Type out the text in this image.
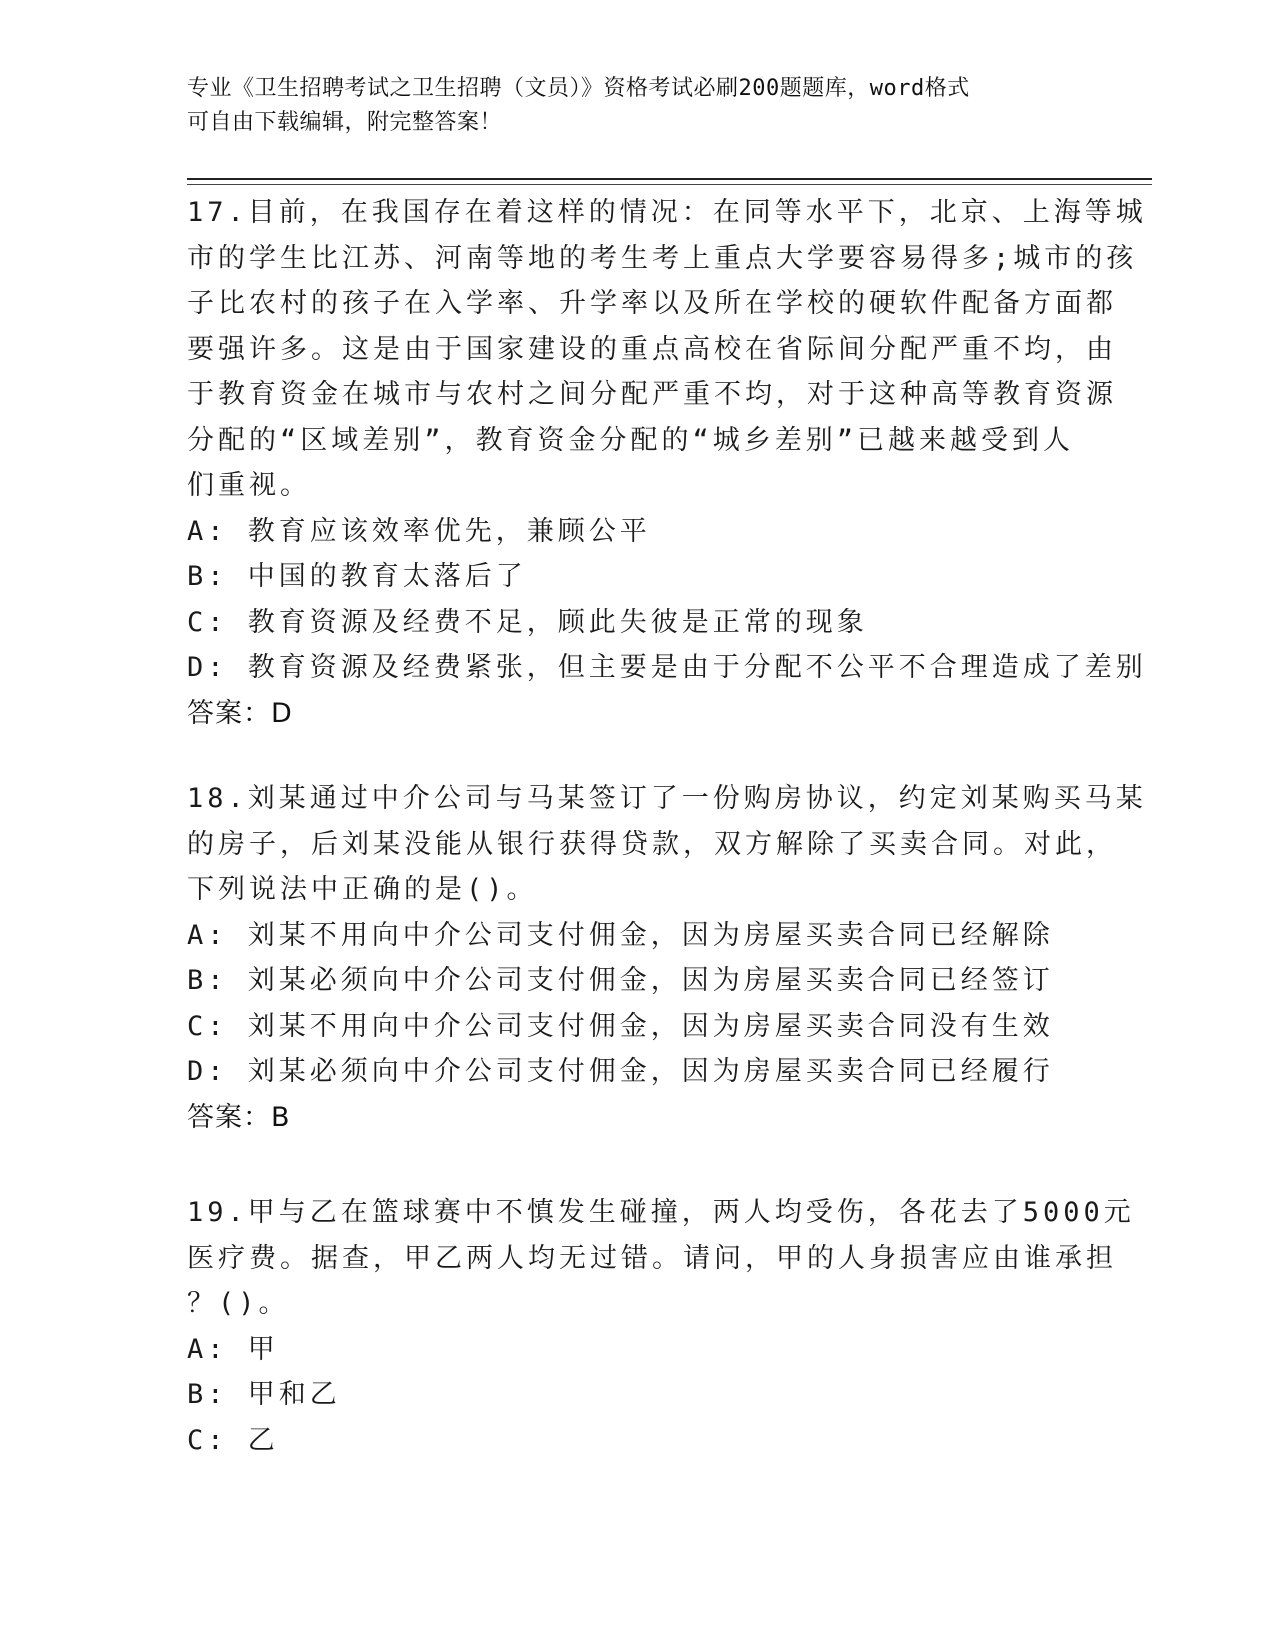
专业《卫生招聘考试之卫生招聘（文员）》资格考试必刷200题题库，word格式
可自由下载编辑，附完整答案！
17.目前，在我国存在着这样的情况：在同等水平下，北京、上海等城
市的学生比江苏、河南等地的考生考上重点大学要容易得多;城市的孩
子比农村的孩子在入学率、升学率以及所在学校的硬软件配备方面都
要强许多。这是由于国家建设的重点高校在省际间分配严重不均，由
于教育资金在城市与农村之间分配严重不均，对于这种高等教育资源
分配的“区域差别”，教育资金分配的“城乡差别”已越来越受到人
们重视。
A: 教育应该效率优先，兼顾公平
B: 中国的教育太落后了
C: 教育资源及经费不足，顾此失彼是正常的现象
D: 教育资源及经费紧张，但主要是由于分配不公平不合理造成了差别
答案：D
18.刘某通过中介公司与马某签订了一份购房协议，约定刘某购买马某
的房子，后刘某没能从银行获得贷款，双方解除了买卖合同。对此，
下列说法中正确的是()。
A: 刘某不用向中介公司支付佣金，因为房屋买卖合同已经解除
B: 刘某必须向中介公司支付佣金，因为房屋买卖合同已经签订
C: 刘某不用向中介公司支付佣金，因为房屋买卖合同没有生效
D: 刘某必须向中介公司支付佣金，因为房屋买卖合同已经履行
答案：B
19.甲与乙在篮球赛中不慎发生碰撞，两人均受伤，各花去了5000元
医疗费。据查，甲乙两人均无过错。请问，甲的人身损害应由谁承担
？()。
A: 甲
B: 甲和乙
C: 乙
